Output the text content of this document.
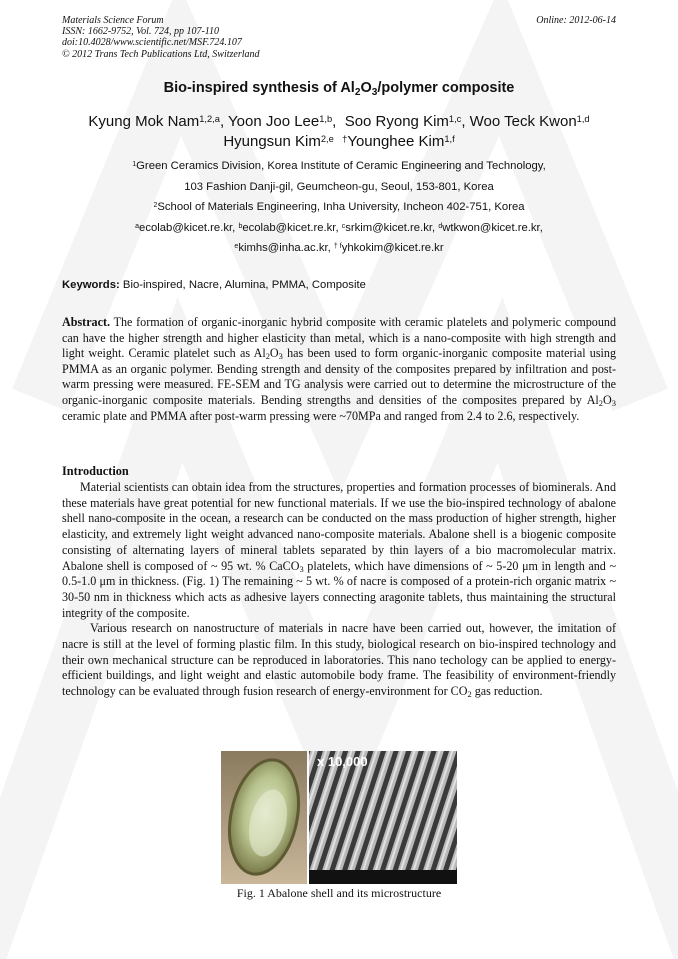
Materials Science Forum
ISSN: 1662-9752, Vol. 724, pp 107-110
doi:10.4028/www.scientific.net/MSF.724.107
© 2012 Trans Tech Publications Ltd, Switzerland
Online: 2012-06-14
Bio-inspired synthesis of $Al_2O_3$/polymer composite
Kyung Mok Nam$^{1,2,a}$, Yoon Joo Lee$^{1,b}$,  Soo Ryong Kim$^{1,c}$, Woo Teck Kwon$^{1,d}$
Hyungsun Kim$^{2,e}$ †Younghee Kim$^{1,f}$
$^1$Green Ceramics Division, Korea Institute of Ceramic Engineering and Technology,
103 Fashion Danji-gil, Geumcheon-gu, Seoul, 153-801, Korea
$^2$School of Materials Engineering, Inha University, Incheon 402-751, Korea
$^a$ecolab@kicet.re.kr, $^b$ecolab@kicet.re.kr, $^c$srkim@kicet.re.kr, $^d$wtkwon@kicet.re.kr,
$^e$kimhs@inha.ac.kr, $^{\dagger f}$yhkokim@kicet.re.kr
Keywords: Bio-inspired, Nacre, Alumina, PMMA, Composite
Abstract. The formation of organic-inorganic hybrid composite with ceramic platelets and polymeric compound can have the higher strength and higher elasticity than metal, which is a nano-composite with high strength and light weight. Ceramic platelet such as $Al_2O_3$ has been used to form organic-inorganic composite material using PMMA as an organic polymer. Bending strength and density of the composites prepared by infiltration and post-warm pressing were measured. FE-SEM and TG analysis were carried out to determine the microstructure of the organic-inorganic composite materials. Bending strengths and densities of the composites prepared by $Al_2O_3$ ceramic plate and PMMA after post-warm pressing were ~70MPa and ranged from 2.4 to 2.6, respectively.
Introduction

Material scientists can obtain idea from the structures, properties and formation processes of biominerals. And these materials have great potential for new functional materials. If we use the bio-inspired technology of abalone shell nano-composite in the ocean, a research can be conducted on the mass production of higher strength, higher elasticity, and extremely light weight advanced nano-composite materials. Abalone shell is a biogenic composite consisting of alternating layers of mineral tablets separated by thin layers of a bio macromolecular matrix. Abalone shell is composed of ~ 95 wt. % CaCO$_3$ platelets, which have dimensions of ~ 5-20 μm in length and ~ 0.5-1.0 μm in thickness. (Fig. 1) The remaining ~ 5 wt. % of nacre is composed of a protein-rich organic matrix ~ 30-50 nm in thickness which acts as adhesive layers connecting aragonite tablets, thus maintaining the structural integrity of the composite.

Various research on nanostructure of materials in nacre have been carried out, however, the imitation of nacre is still at the level of forming plastic film. In this study, biological research on bio-inspired technology and their own mechanical structure can be reproduced in laboratories. This nano techology can be applied to energy-efficient buildings, and light weight and elastic automobile body frame. The feasibility of environment-friendly technology can be evaluated through fusion research of energy-environment for $CO_2$ gas reduction.

x 10,000
Fig. 1 Abalone shell and its microstructure
